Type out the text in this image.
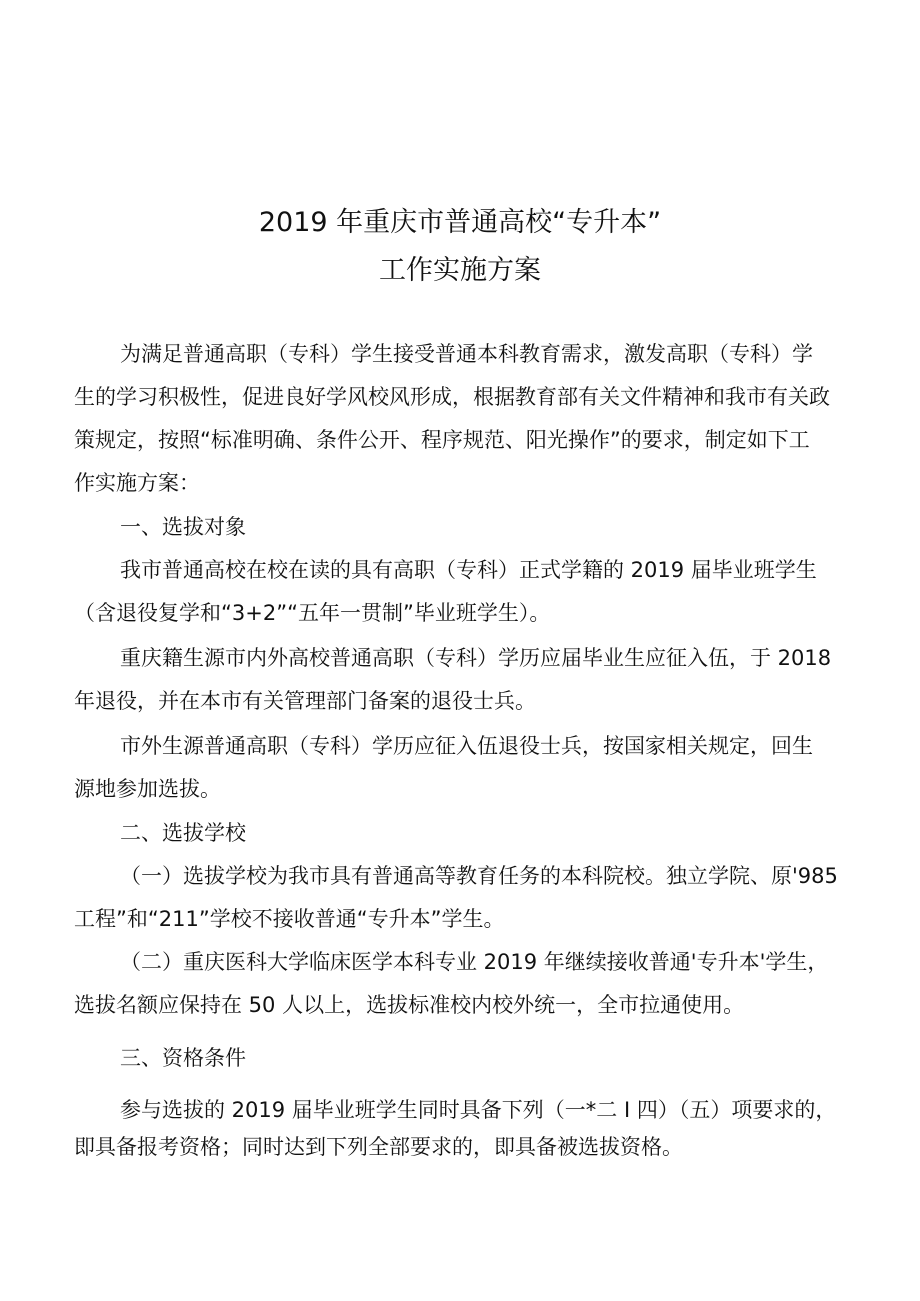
2019 年重庆市普通高校“专升本”
工作实施方案
为满足普通高职（专科）学生接受普通本科教育需求，激发高职（专科）学
生的学习积极性，促进良好学风校风形成，根据教育部有关文件精神和我市有关政
策规定，按照“标准明确、条件公开、程序规范、阳光操作”的要求，制定如下工
作实施方案：
一、选拔对象
我市普通高校在校在读的具有高职（专科）正式学籍的 2019 届毕业班学生
（含退役复学和“3+2”“五年一贯制”毕业班学生）。
重庆籍生源市内外高校普通高职（专科）学历应届毕业生应征入伍，于 2018
年退役，并在本市有关管理部门备案的退役士兵。
市外生源普通高职（专科）学历应征入伍退役士兵，按国家相关规定，回生
源地参加选拔。
二、选拔学校
（一）选拔学校为我市具有普通高等教育任务的本科院校。独立学院、原'985
工程”和“211”学校不接收普通“专升本”学生。
（二）重庆医科大学临床医学本科专业 2019 年继续接收普通'专升本'学生，
选拔名额应保持在 50 人以上，选拔标准校内校外统一，全市拉通使用。
三、资格条件
参与选拔的 2019 届毕业班学生同时具备下列（一*二 I 四）（五）项要求的，
即具备报考资格；同时达到下列全部要求的，即具备被选拔资格。
